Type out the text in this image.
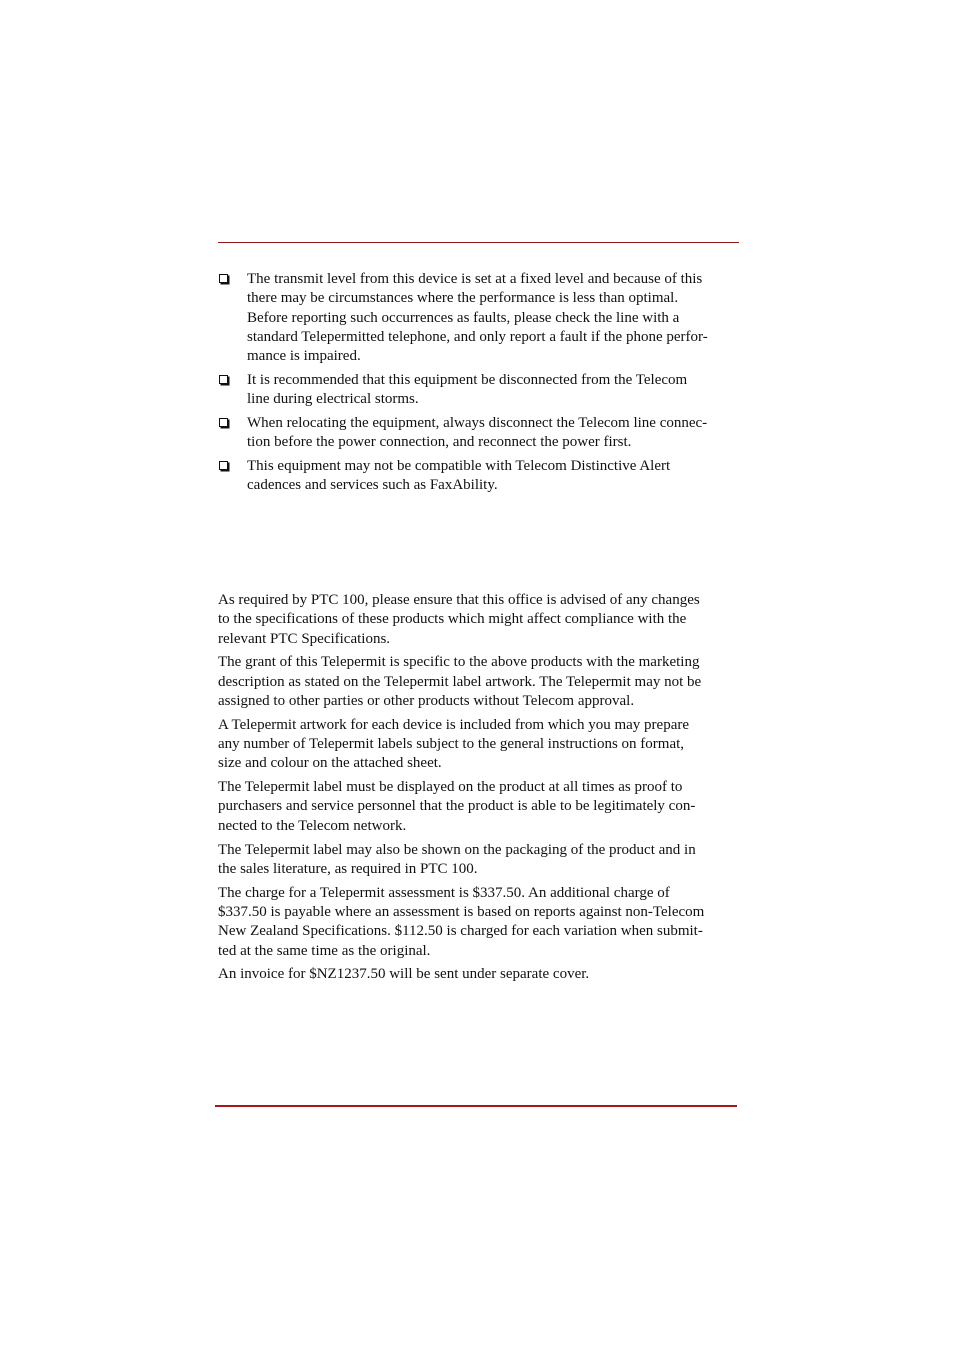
The transmit level from this device is set at a fixed level and because of this
there may be circumstances where the performance is less than optimal.
Before reporting such occurrences as faults, please check the line with a
standard Telepermitted telephone, and only report a fault if the phone perfor-
mance is impaired.
It is recommended that this equipment be disconnected from the Telecom
line during electrical storms.
When relocating the equipment, always disconnect the Telecom line connec-
tion before the power connection, and reconnect the power first.
This equipment may not be compatible with Telecom Distinctive Alert
cadences and services such as FaxAbility.

As required by PTC 100, please ensure that this office is advised of any changes
to the specifications of these products which might affect compliance with the
relevant PTC Specifications.

The grant of this Telepermit is specific to the above products with the marketing
description as stated on the Telepermit label artwork. The Telepermit may not be
assigned to other parties or other products without Telecom approval.

A Telepermit artwork for each device is included from which you may prepare
any number of Telepermit labels subject to the general instructions on format,
size and colour on the attached sheet.

The Telepermit label must be displayed on the product at all times as proof to
purchasers and service personnel that the product is able to be legitimately con-
nected to the Telecom network.

The Telepermit label may also be shown on the packaging of the product and in
the sales literature, as required in PTC 100.

The charge for a Telepermit assessment is $337.50. An additional charge of
$337.50 is payable where an assessment is based on reports against non-Telecom
New Zealand Specifications. $112.50 is charged for each variation when submit-
ted at the same time as the original.

An invoice for $NZ1237.50 will be sent under separate cover.
